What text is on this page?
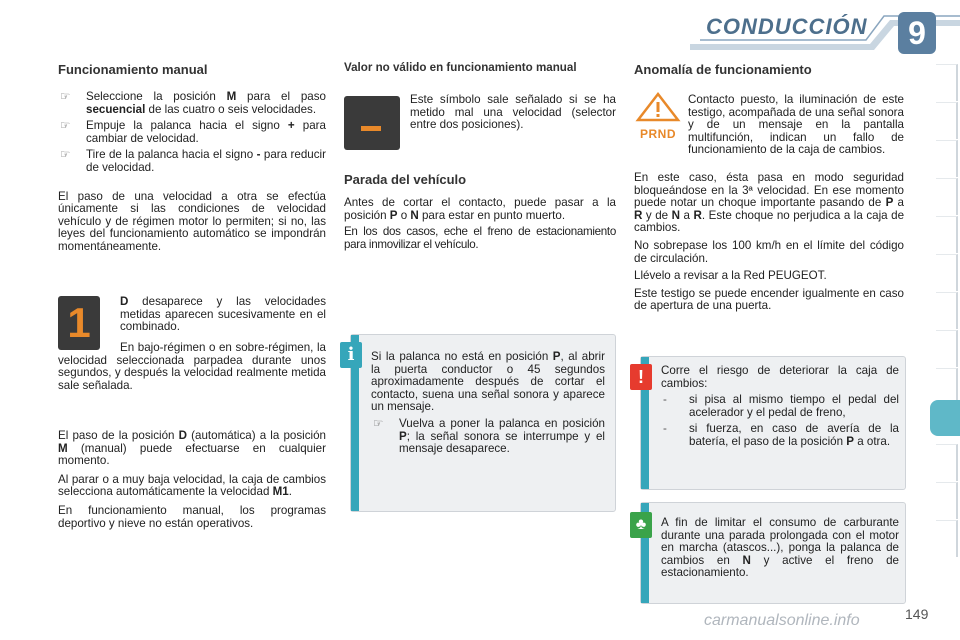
CONDUCCIÓN	9
Funcionamiento manual

☞ Seleccione la posición M para el paso secuencial de las cuatro o seis velocidades.

☞ Empuje la palanca hacia el signo + para cambiar de velocidad.

☞ Tire de la palanca hacia el signo - para reducir de velocidad.

El paso de una velocidad a otra se efectúa únicamente si las condiciones de velocidad vehículo y de régimen motor lo permiten; si no, las leyes del funcionamiento automático se impondrán momentáneamente.

1	D desaparece y las velocidades metidas aparecen sucesivamente en el combinado.

En bajo-régimen o en sobre-régimen, la velocidad seleccionada parpadea durante unos segundos, y después la velocidad realmente metida sale señalada.

El paso de la posición D (automática) a la posición M (manual) puede efectuarse en cualquier momento.

Al parar o a muy baja velocidad, la caja de cambios selecciona automáticamente la velocidad M1.

En funcionamiento manual, los programas deportivo y nieve no están operativos.

Valor no válido en funcionamiento manual

Este símbolo sale señalado si se ha metido mal una velocidad (selector entre dos posiciones).

Parada del vehículo

Antes de cortar el contacto, puede pasar a la posición P o N para estar en punto muerto.

En los dos casos, eche el freno de estacionamiento para inmovilizar el vehículo.

Si la palanca no está en posición P, al abrir la puerta conductor o 45 segundos aproximadamente después de cortar el contacto, suena una señal sonora y aparece un mensaje.

☞ Vuelva a poner la palanca en posición P; la señal sonora se interrumpe y el mensaje desaparece.

i
Anomalía de funcionamiento
PRND

Contacto puesto, la iluminación de este testigo, acompañada de una señal sonora y de un mensaje en la pantalla multifunción, indican un fallo de funcionamiento de la caja de cambios.

En este caso, ésta pasa en modo seguridad bloqueándose en la 3ª velocidad. En ese momento puede notar un choque importante pasando de P a R y de N a R. Este choque no perjudica a la caja de cambios.

No sobrepase los 100 km/h en el límite del código de circulación.

Llévelo a revisar a la Red PEUGEOT.

Este testigo se puede encender igualmente en caso de apertura de una puerta.

Corre el riesgo de deteriorar la caja de cambios:

- si pisa al mismo tiempo el pedal del acelerador y el pedal de freno,

- si fuerza, en caso de avería de la batería, el paso de la posición P a otra.

!

A fin de limitar el consumo de carburante durante una parada prolongada con el motor en marcha (atascos...), ponga la palanca de cambios en N y active el freno de estacionamiento.

♣
149
carmanualsonline.info
